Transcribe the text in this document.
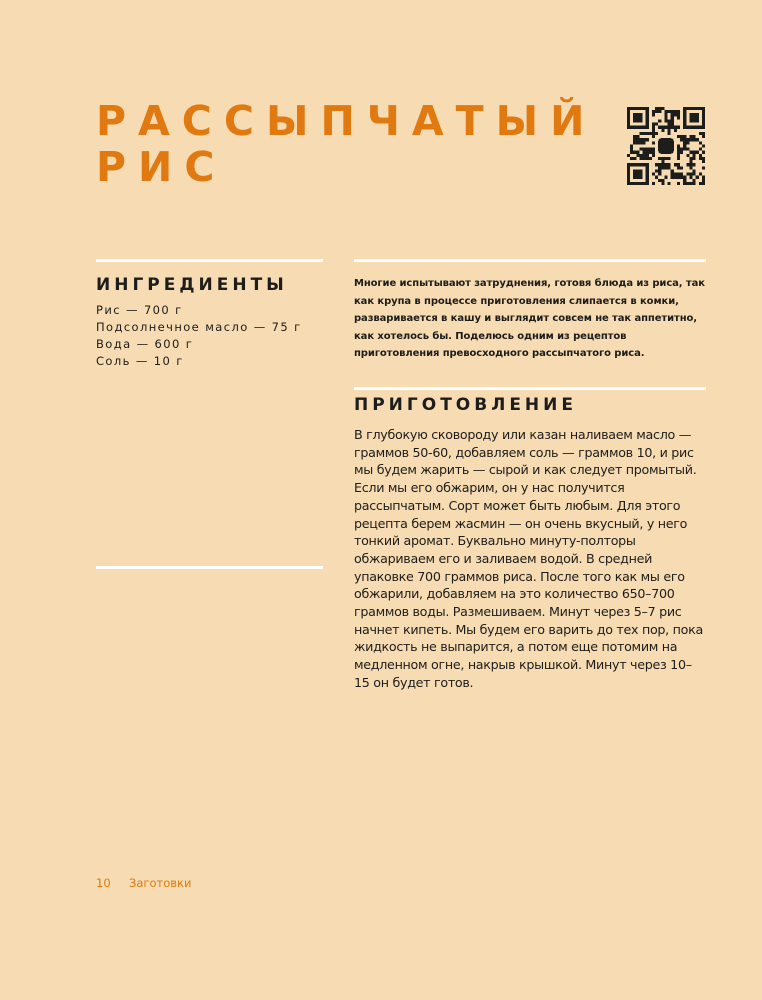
РАССЫПЧАТЫЙ
РИС
ИНГРЕДИЕНТЫ
Рис — 700 г
Подсолнечное масло — 75 г
Вода — 600 г
Соль — 10 г

Многие испытывают затруднения, готовя блюда из риса, так как крупа в процессе приготовления слипается в комки, разваривается в кашу и выглядит совсем не так аппетитно, как хотелось бы. Поделюсь одним из рецептов приготовления превосходного рассыпчатого риса.

ПРИГОТОВЛЕНИЕ

В глубокую сковороду или казан наливаем масло — граммов 50-60, добавляем соль — граммов 10, и рис мы будем жарить — сырой и как следует промытый. Если мы его обжарим, он у нас получится рассыпчатым. Сорт может быть любым. Для этого рецепта берем жасмин — он очень вкусный, у него тонкий аромат. Буквально минуту-полторы обжариваем его и заливаем водой. В средней упаковке 700 граммов риса. После того как мы его обжарили, добавляем на это количество 650–700 граммов воды. Размешиваем. Минут через 5–7 рис начнет кипеть. Мы будем его варить до тех пор, пока жидкость не выпарится, а потом еще потомим на медленном огне, накрыв крышкой. Минут через 10–15 он будет готов.

10 Заготовки
